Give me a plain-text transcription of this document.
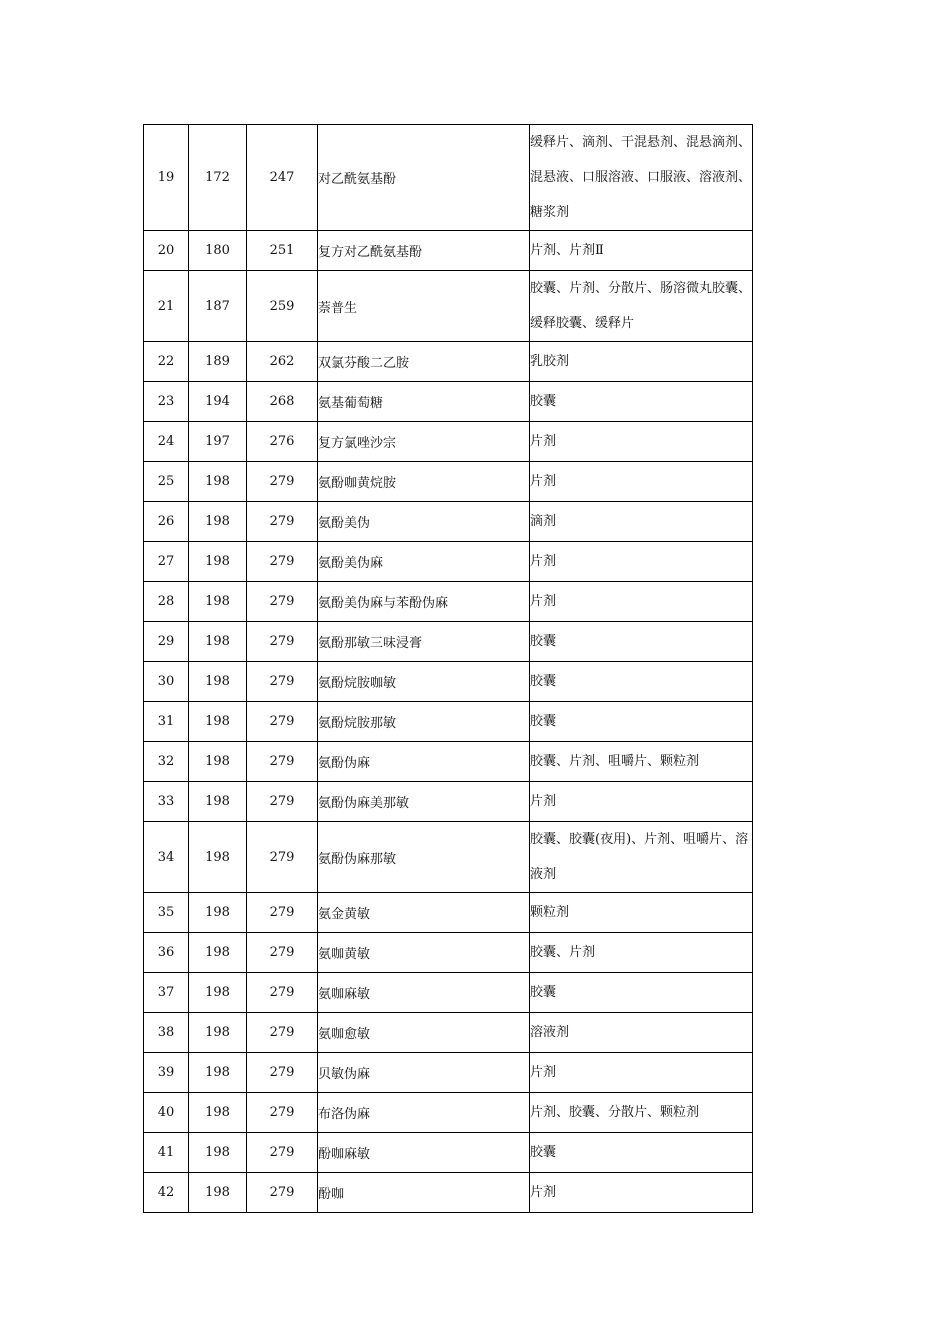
19	172	247	对乙酰氨基酚	缓释片、滴剂、干混悬剂、混悬滴剂、混悬液、口服溶液、口服液、溶液剂、糖浆剂
20	180	251	复方对乙酰氨基酚	片剂、片剂Ⅱ
21	187	259	萘普生	胶囊、片剂、分散片、肠溶微丸胶囊、缓释胶囊、缓释片
22	189	262	双氯芬酸二乙胺	乳胶剂
23	194	268	氨基葡萄糖	胶囊
24	197	276	复方氯唑沙宗	片剂
25	198	279	氨酚咖黄烷胺	片剂
26	198	279	氨酚美伪	滴剂
27	198	279	氨酚美伪麻	片剂
28	198	279	氨酚美伪麻与苯酚伪麻	片剂
29	198	279	氨酚那敏三味浸膏	胶囊
30	198	279	氨酚烷胺咖敏	胶囊
31	198	279	氨酚烷胺那敏	胶囊
32	198	279	氨酚伪麻	胶囊、片剂、咀嚼片、颗粒剂
33	198	279	氨酚伪麻美那敏	片剂
34	198	279	氨酚伪麻那敏	胶囊、胶囊(夜用)、片剂、咀嚼片、溶液剂
35	198	279	氨金黄敏	颗粒剂
36	198	279	氨咖黄敏	胶囊、片剂
37	198	279	氨咖麻敏	胶囊
38	198	279	氨咖愈敏	溶液剂
39	198	279	贝敏伪麻	片剂
40	198	279	布洛伪麻	片剂、胶囊、分散片、颗粒剂
41	198	279	酚咖麻敏	胶囊
42	198	279	酚咖	片剂
